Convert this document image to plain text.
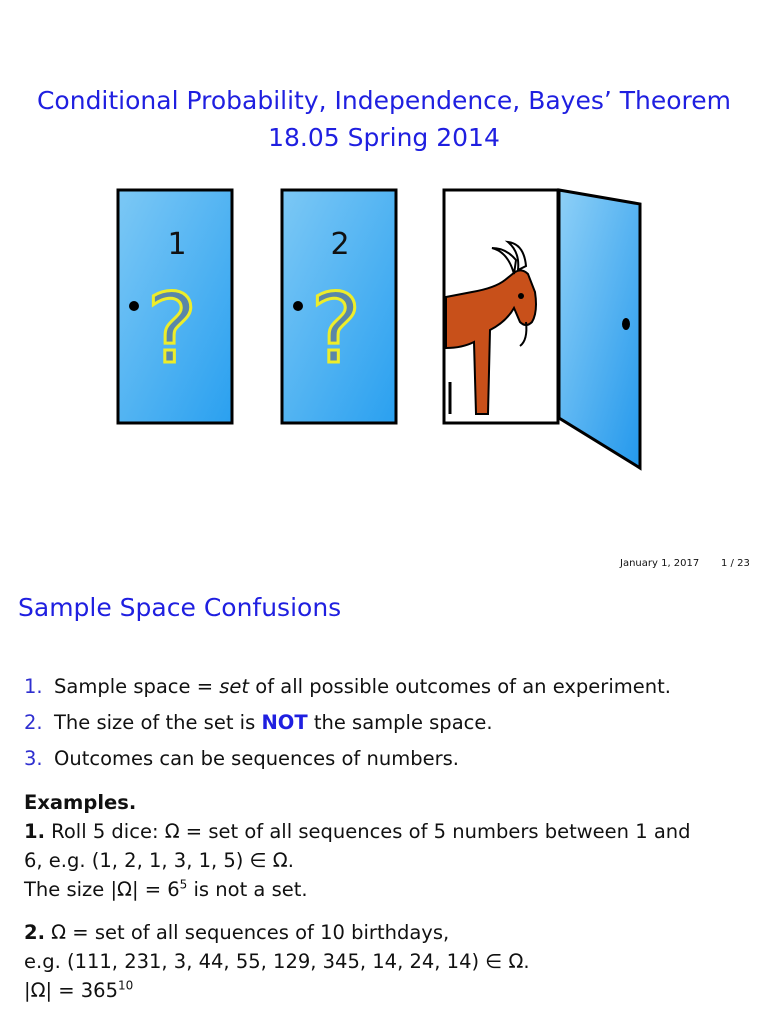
Conditional Probability, Independence, Bayes’ Theorem
18.05 Spring 2014
1
?
2
?
January 1, 2017 1 / 23
Sample Space Confusions
1. Sample space = set of all possible outcomes of an experiment.
2. The size of the set is NOT the sample space.
3. Outcomes can be sequences of numbers.
Examples.
1. Roll 5 dice: Ω = set of all sequences of 5 numbers between 1 and
6, e.g. (1, 2, 1, 3, 1, 5) ∈ Ω.
The size $|\Omega| = 6^5$ is not a set.
2. Ω = set of all sequences of 10 birthdays,
e.g. (111, 231, 3, 44, 55, 129, 345, 14, 24, 14) ∈ Ω.
$|\Omega| = 365^{10}$
